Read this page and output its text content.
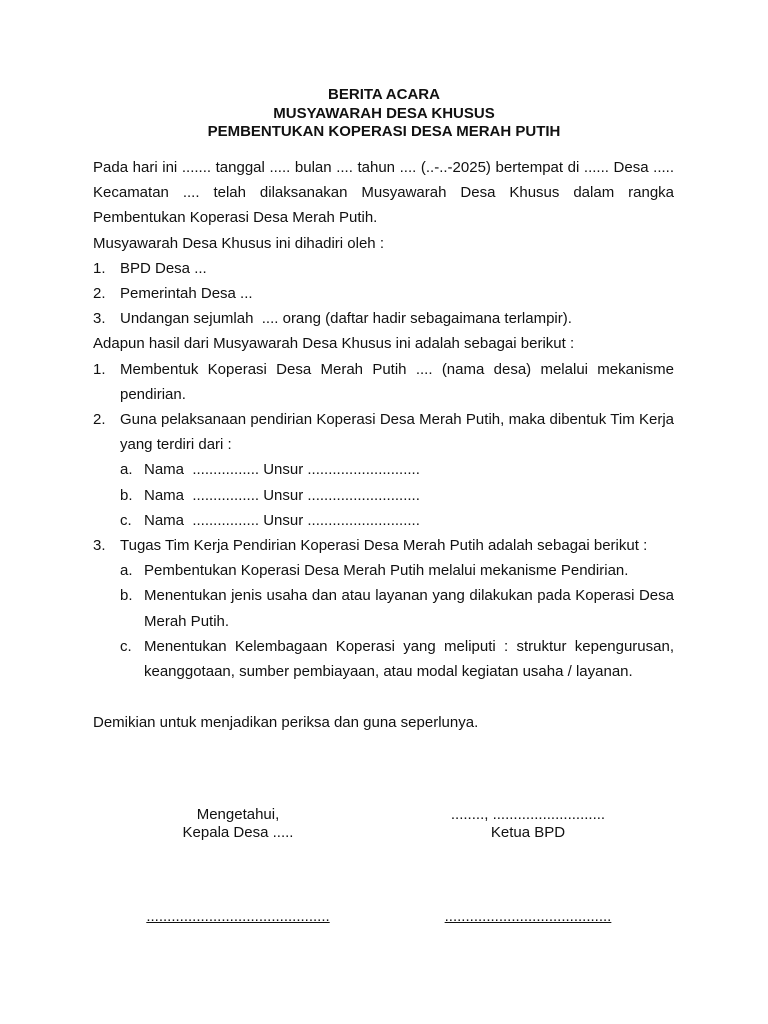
BERITA ACARA
MUSYAWARAH DESA KHUSUS
PEMBENTUKAN KOPERASI DESA MERAH PUTIH
Pada hari ini ....... tanggal ..... bulan .... tahun .... (..-..-2025) bertempat di ...... Desa ..... Kecamatan .... telah dilaksanakan Musyawarah Desa Khusus dalam rangka Pembentukan Koperasi Desa Merah Putih.
Musyawarah Desa Khusus ini dihadiri oleh :
1. BPD Desa ...
2. Pemerintah Desa ...
3. Undangan sejumlah  .... orang (daftar hadir sebagaimana terlampir).
Adapun hasil dari Musyawarah Desa Khusus ini adalah sebagai berikut :
1. Membentuk Koperasi Desa Merah Putih .... (nama desa) melalui mekanisme pendirian.
2. Guna pelaksanaan pendirian Koperasi Desa Merah Putih, maka dibentuk Tim Kerja yang terdiri dari :
a. Nama  ................ Unsur ...........................
b. Nama  ................ Unsur ...........................
c. Nama  ................ Unsur ...........................
3. Tugas Tim Kerja Pendirian Koperasi Desa Merah Putih adalah sebagai berikut :
a. Pembentukan Koperasi Desa Merah Putih melalui mekanisme Pendirian.
b. Menentukan jenis usaha dan atau layanan yang dilakukan pada Koperasi Desa Merah Putih.
c. Menentukan Kelembagaan Koperasi yang meliputi : struktur kepengurusan, keanggotaan, sumber pembiayaan, atau modal kegiatan usaha / layanan.
Demikian untuk menjadikan periksa dan guna seperlunya.
Mengetahui,
Kepala Desa .....
........, ...........................
Ketua BPD
............................................	........................................
